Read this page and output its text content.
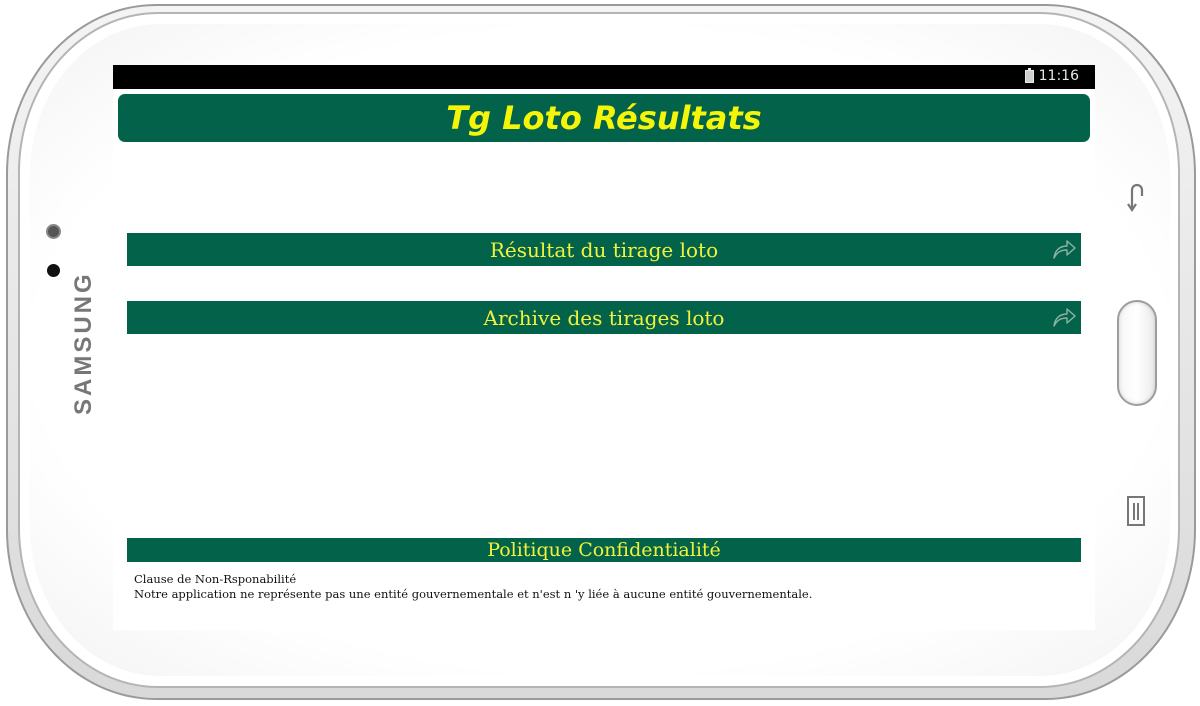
SAMSUNG
11:16
Tg Loto Résultats
Résultat du tirage loto
Archive des tirages loto
Politique Confidentialité
Clause de Non-Rsponabilité
Notre application ne représente pas une entité gouvernementale et n'est n 'y liée à aucune entité gouvernementale.
